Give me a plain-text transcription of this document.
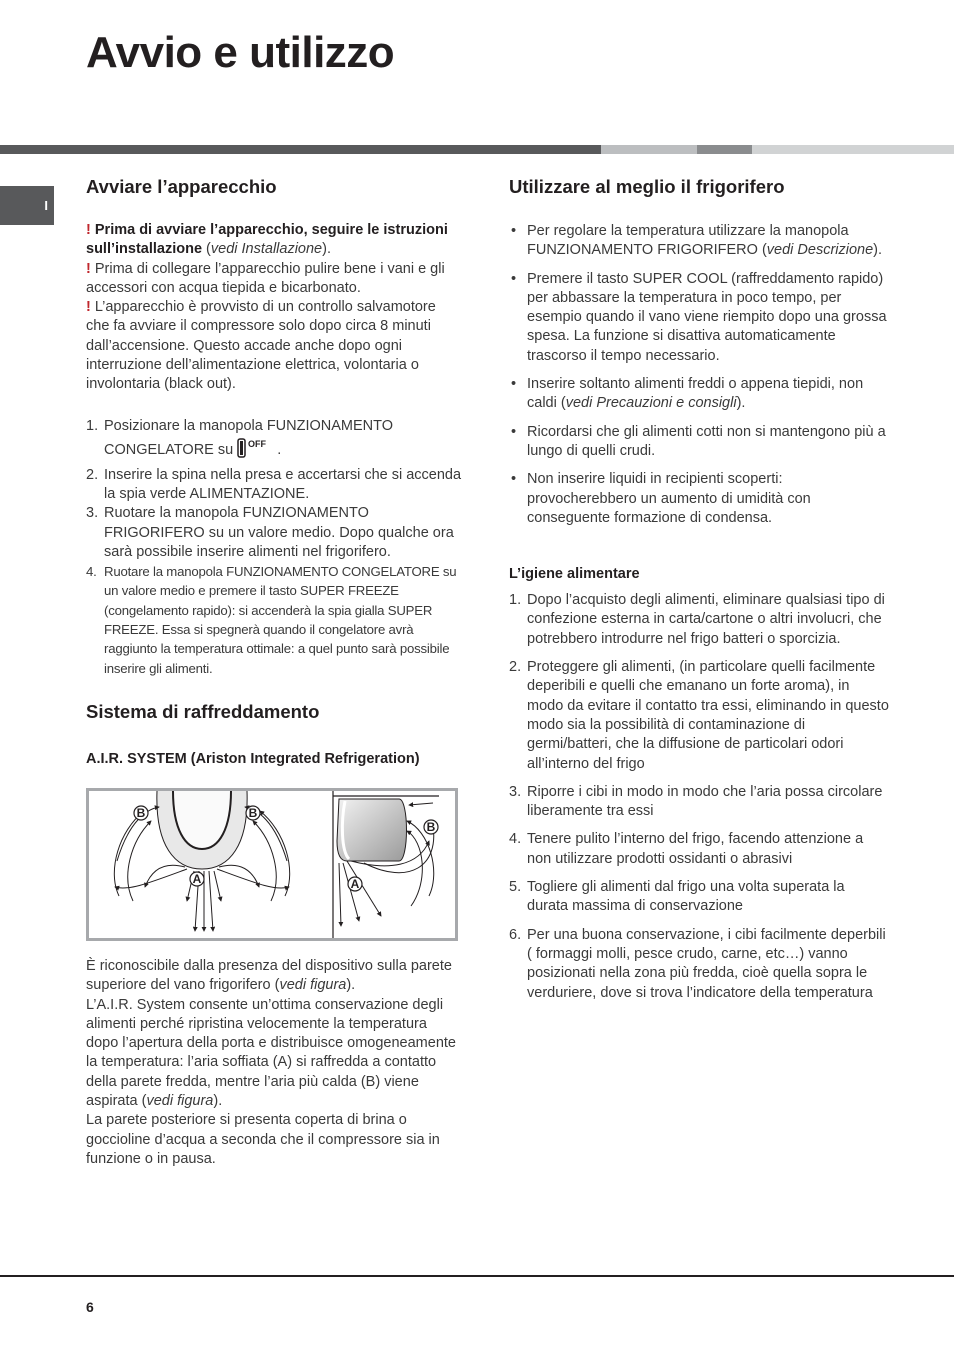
Avvio e utilizzo
I
Avviare l’apparecchio

! Prima di avviare l’apparecchio, seguire le istruzioni sull’installazione (vedi Installazione).

! Prima di collegare l’apparecchio pulire bene i vani e gli accessori con acqua tiepida e bicarbonato.

! L’apparecchio è provvisto di un controllo salvamotore che fa avviare il compressore solo dopo circa 8 minuti dall’accensione. Questo accade anche dopo ogni interruzione dell’alimentazione elettrica, volontaria o involontaria (black out).

1. Posizionare la manopola FUNZIONAMENTO CONGELATORE su OFF .
2. Inserire la spina nella presa e accertarsi che si accenda la spia verde ALIMENTAZIONE.
3. Ruotare la manopola FUNZIONAMENTO FRIGORIFERO su un valore medio. Dopo qualche ora sarà possibile inserire alimenti nel frigorifero.
4. Ruotare la manopola FUNZIONAMENTO CONGELATORE su un valore medio e premere il tasto SUPER FREEZE (congelamento rapido): si accenderà la spia gialla SUPER FREEZE. Essa si spegnerà quando il congelatore avrà raggiunto la temperatura ottimale: a quel punto sarà possibile inserire gli alimenti.
Sistema di raffreddamento
A.I.R. SYSTEM (Ariston Integrated Refrigeration)
B	B
A
B
A

È riconoscibile dalla presenza del dispositivo sulla parete superiore del vano frigorifero (vedi figura).

L’A.I.R. System consente un’ottima conservazione degli alimenti perché ripristina velocemente la temperatura dopo l’apertura della porta e distribuisce omogeneamente la temperatura: l’aria soffiata (A) si raffredda a contatto della parete fredda, mentre l’aria più calda (B) viene aspirata (vedi figura).

La parete posteriore si presenta coperta di brina o goccioline d’acqua a seconda che il compressore sia in funzione o in pausa.

Utilizzare al meglio il frigorifero
• Per regolare la temperatura utilizzare la manopola FUNZIONAMENTO FRIGORIFERO (vedi Descrizione).
• Premere il tasto SUPER COOL (raffreddamento rapido) per abbassare la temperatura in poco tempo, per esempio quando il vano viene riempito dopo una grossa spesa. La funzione si disattiva automaticamente trascorso il tempo necessario.
• Inserire soltanto alimenti freddi o appena tiepidi, non caldi (vedi Precauzioni e consigli).
• Ricordarsi che gli alimenti cotti non si mantengono più a lungo di quelli crudi.
• Non inserire liquidi in recipienti scoperti: provocherebbero un aumento di umidità con conseguente formazione di condensa.
L’igiene alimentare
1. Dopo l’acquisto degli alimenti, eliminare qualsiasi tipo di confezione esterna in carta/cartone o altri involucri, che potrebbero introdurre nel frigo batteri o sporcizia.
2. Proteggere gli alimenti, (in particolare quelli facilmente deperibili e quelli che emanano un forte aroma), in modo da evitare il contatto tra essi, eliminando in questo modo sia la possibilità di contaminazione di germi/batteri, che la diffusione de particolari odori all’interno del frigo
3. Riporre i cibi in modo in modo che l’aria possa circolare liberamente tra essi
4. Tenere pulito l’interno del frigo, facendo attenzione a non utilizzare prodotti ossidanti o abrasivi
5. Togliere gli alimenti dal frigo una volta superata la durata massima di conservazione
6. Per una buona conservazione, i cibi facilmente deperbili ( formaggi molli, pesce crudo, carne, etc…) vanno posizionati nella zona più fredda, cioè quella sopra le verduriere, dove si trova l’indicatore della temperatura
6
